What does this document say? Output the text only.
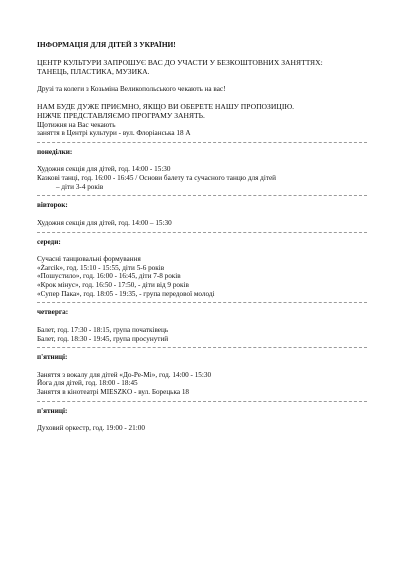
ІНФОРМАЦІЯ ДЛЯ ДІТЕЙ З УКРАЇНИ!
ЦЕНТР КУЛЬТУРИ ЗАПРОШУЄ ВАС ДО УЧАСТИ У БЕЗКОШТОВНИХ ЗАНЯТТЯХ:
ТАНЕЦЬ, ПЛАСТИКА, МУЗИКА.
Друзі та колеги з Козьміна Великопольського чекають на вас!
НАМ БУДЕ ДУЖЕ ПРИЄМНО, ЯКЩО ВИ ОБЕРЕТЕ НАШУ ПРОПОЗИЦІЮ.
НІЖЧЕ ПРЕДСТАВЛЯЄМО ПРОГРАМУ ЗАНЯТЬ.
Щотижня на Вас чекають
заняття в Центрі культури - вул. Флоріанська 18 А
понеділки:
Художня секція для дітей, год. 14:00 - 15:30
Казкові танці, год. 16:00 - 16:45 / Основи балету та сучасного танцю для дітей
– діти 3-4 років
вівторок:
Художня секція для дітей, год. 14:00 – 15:30
середи:
Сучасні танцювальні формування
«Żarcik», год. 15:10 - 15:55, діти 5-6 років
«Пошустило», год. 16:00 - 16:45, діти 7-8 років
«Крок мінус», год. 16:50 - 17:50, - діти від 9 років
«Супер Пака», год. 18:05 - 19:35, - група передової молоді
четверга:
Балет, год. 17:30 - 18:15, група початківець
Балет, год. 18:30 - 19:45, група просунутий
п'ятниці:
Заняття з вокалу для дітей «До-Ре-Мі», год. 14:00 - 15:30
Йога для дітей, год. 18:00 - 18:45
Заняття в кінотеатрі MIESZKO - вул. Борецька 18
п'ятниці:
Духовий оркестр, год. 19:00 - 21:00
